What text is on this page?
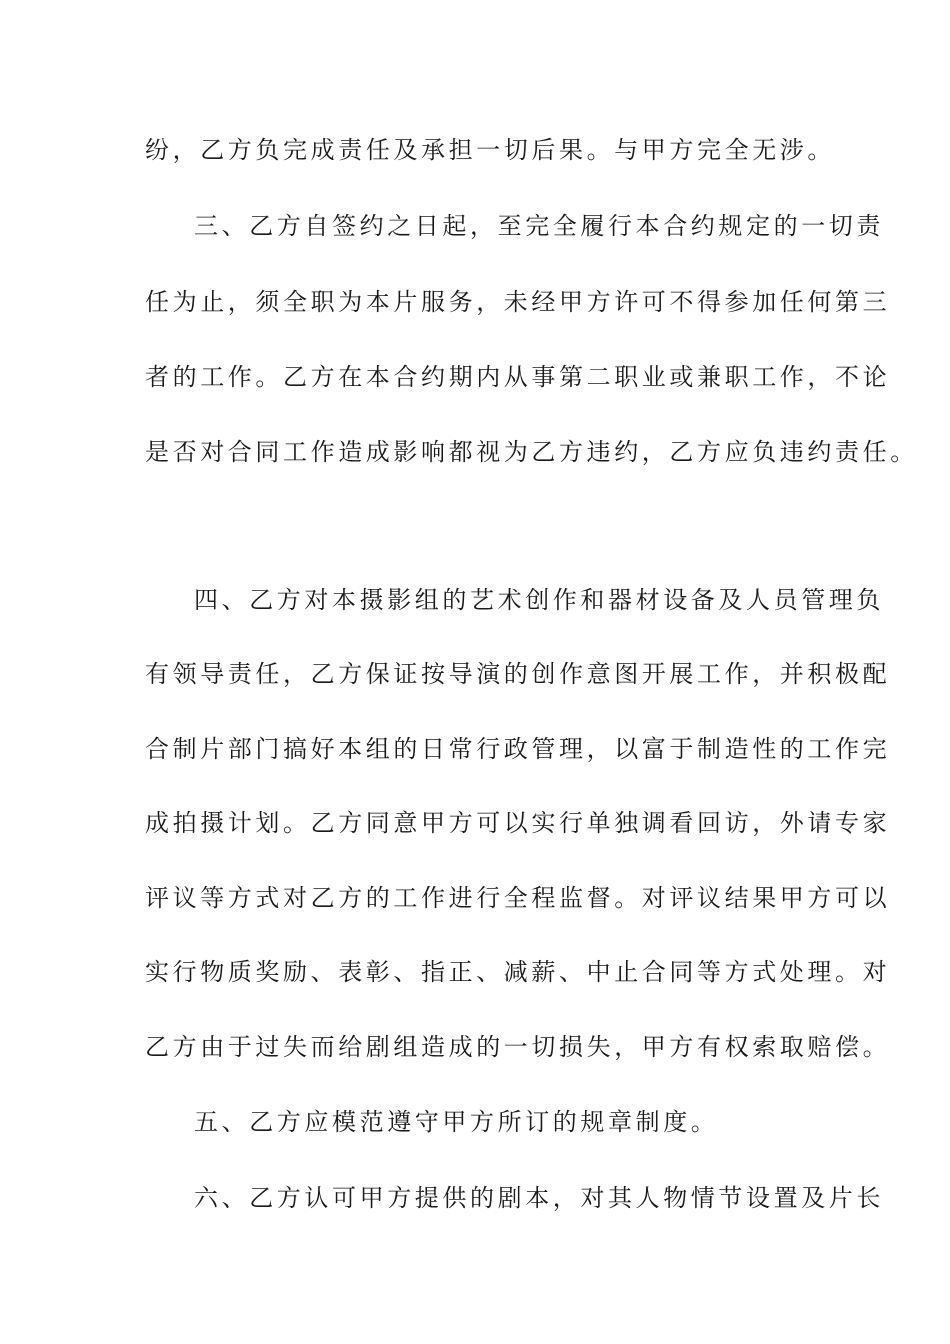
纷，乙方负完成责任及承担一切后果。与甲方完全无涉。
三、乙方自签约之日起，至完全履行本合约规定的一切责
任为止，须全职为本片服务，未经甲方许可不得参加任何第三
者的工作。乙方在本合约期内从事第二职业或兼职工作，不论
是否对合同工作造成影响都视为乙方违约，乙方应负违约责任。
四、乙方对本摄影组的艺术创作和器材设备及人员管理负
有领导责任，乙方保证按导演的创作意图开展工作，并积极配
合制片部门搞好本组的日常行政管理，以富于制造性的工作完
成拍摄计划。乙方同意甲方可以实行单独调看回访，外请专家
评议等方式对乙方的工作进行全程监督。对评议结果甲方可以
实行物质奖励、表彰、指正、减薪、中止合同等方式处理。对
乙方由于过失而给剧组造成的一切损失，甲方有权索取赔偿。
五、乙方应模范遵守甲方所订的规章制度。
六、乙方认可甲方提供的剧本，对其人物情节设置及片长
